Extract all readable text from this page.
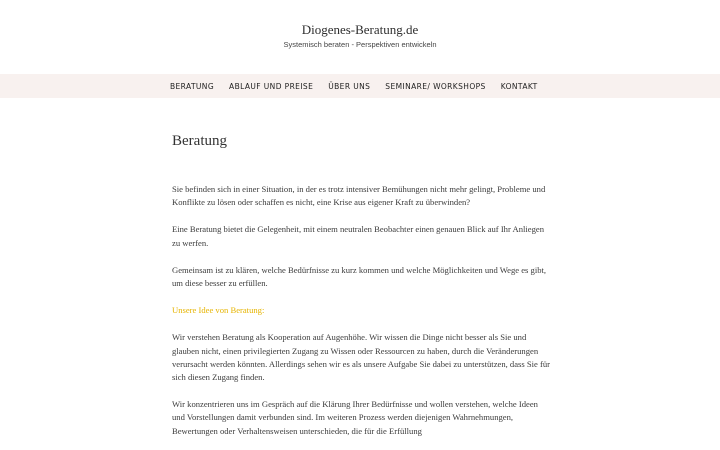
Diogenes-Beratung.de
Systemisch beraten - Perspektiven entwickeln
BERATUNG ABLAUF UND PREISE ÜBER UNS SEMINARE/ WORKSHOPS KONTAKT
Beratung

Sie befinden sich in einer Situation, in der es trotz intensiver Bemühungen nicht mehr gelingt, Probleme und Konflikte zu lösen oder schaffen es nicht, eine Krise aus eigener Kraft zu überwinden?

Eine Beratung bietet die Gelegenheit, mit einem neutralen Beobachter einen genauen Blick auf Ihr Anliegen zu werfen.

Gemeinsam ist zu klären, welche Bedürfnisse zu kurz kommen und welche Möglichkeiten und Wege es gibt, um diese besser zu erfüllen.

Unsere Idee von Beratung:

Wir verstehen Beratung als Kooperation auf Augenhöhe. Wir wissen die Dinge nicht besser als Sie und glauben nicht, einen privilegierten Zugang zu Wissen oder Ressourcen zu haben, durch die Veränderungen verursacht werden könnten. Allerdings sehen wir es als unsere Aufgabe Sie dabei zu unterstützen, dass Sie für sich diesen Zugang finden.

Wir konzentrieren uns im Gespräch auf die Klärung Ihrer Bedürfnisse und wollen verstehen, welche Ideen und Vorstellungen damit verbunden sind. Im weiteren Prozess werden diejenigen Wahrnehmungen, Bewertungen oder Verhaltensweisen unterschieden, die für die Erfüllung
